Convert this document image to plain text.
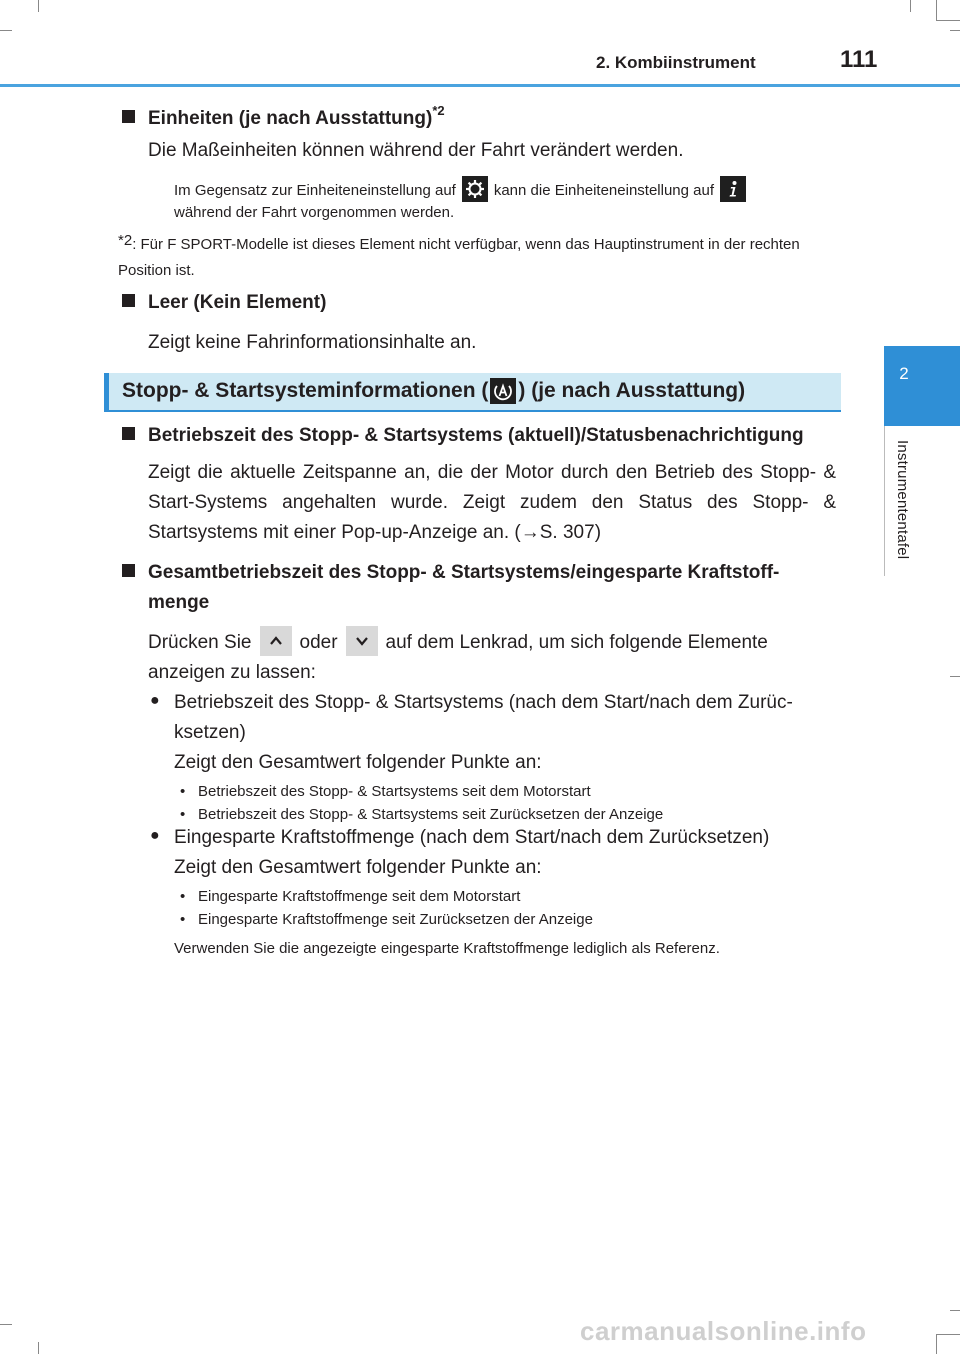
2. Kombiinstrument	111
2
Instrumententafel
Einheiten (je nach Ausstattung)$^{*2}$
Die Maßeinheiten können während der Fahrt verändert werden.
Im Gegensatz zur Einheiteneinstellung auf	kann die Einheiteneinstellung auf

während der Fahrt vorgenommen werden.
*2: Für F SPORT-Modelle ist dieses Element nicht verfügbar, wenn das Hauptinstrument in der rechten Position ist.
Leer (Kein Element)
Zeigt keine Fahrinformationsinhalte an.
Stopp- & Startsysteminformationen ( ) (je nach Ausstattung)
Betriebszeit des Stopp- & Startsystems (aktuell)/Statusbenachrichtigung
Zeigt die aktuelle Zeitspanne an, die der Motor durch den Betrieb des Stopp- & Start-Systems angehalten wurde. Zeigt zudem den Status des Stopp- & Startsystems mit einer Pop-up-Anzeige an. (→S. 307)
Gesamtbetriebszeit des Stopp- & Startsystems/eingesparte Kraftstoff-
menge
Drücken Sie	oder	auf dem Lenkrad, um sich folgende Elemente anzeigen zu lassen:
● Betriebszeit des Stopp- & Startsystems (nach dem Start/nach dem Zurüc-ksetzen)
Zeigt den Gesamtwert folgender Punkte an:
• Betriebszeit des Stopp- & Startsystems seit dem Motorstart
• Betriebszeit des Stopp- & Startsystems seit Zurücksetzen der Anzeige
● Eingesparte Kraftstoffmenge (nach dem Start/nach dem Zurücksetzen)
Zeigt den Gesamtwert folgender Punkte an:
• Eingesparte Kraftstoffmenge seit dem Motorstart
• Eingesparte Kraftstoffmenge seit Zurücksetzen der Anzeige
Verwenden Sie die angezeigte eingesparte Kraftstoffmenge lediglich als Referenz.
carmanualsonline.info
